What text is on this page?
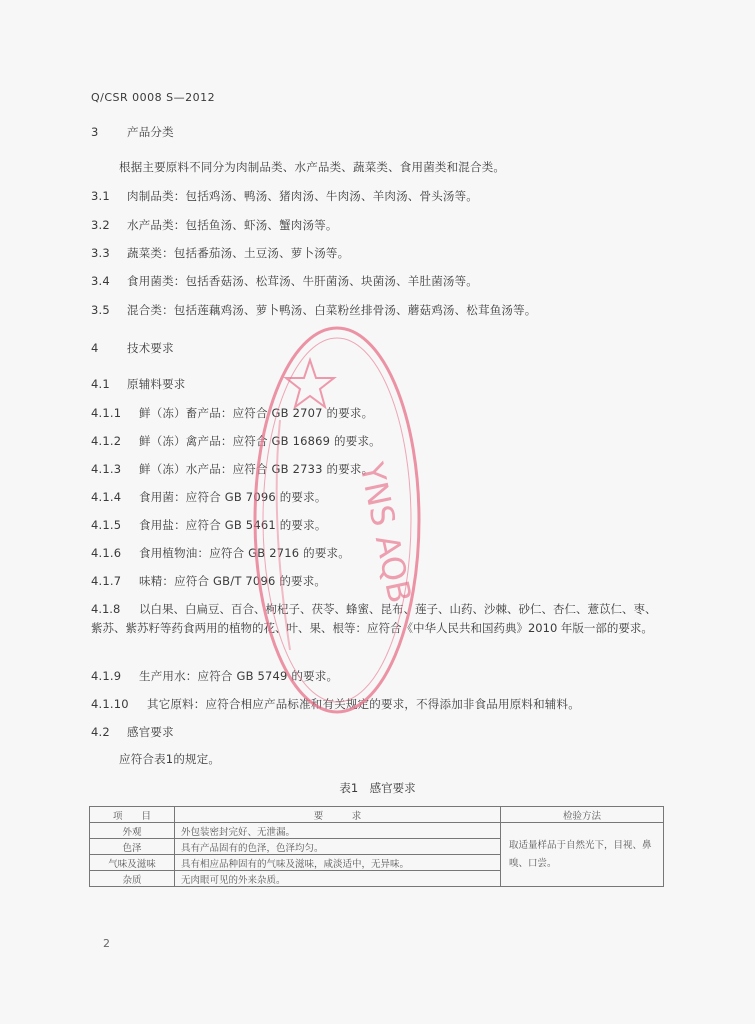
Q/CSR 0008 S—2012
3 产品分类
根据主要原料不同分为肉制品类、水产品类、蔬菜类、食用菌类和混合类。
3.1 肉制品类：包括鸡汤、鸭汤、猪肉汤、牛肉汤、羊肉汤、骨头汤等。
3.2 水产品类：包括鱼汤、虾汤、蟹肉汤等。
3.3 蔬菜类：包括番茄汤、土豆汤、萝卜汤等。
3.4 食用菌类：包括香菇汤、松茸汤、牛肝菌汤、块菌汤、羊肚菌汤等。
3.5 混合类：包括莲藕鸡汤、萝卜鸭汤、白菜粉丝排骨汤、蘑菇鸡汤、松茸鱼汤等。
4 技术要求
4.1 原辅料要求
4.1.1 鲜（冻）畜产品：应符合 GB 2707 的要求。
4.1.2 鲜（冻）禽产品：应符合 GB 16869 的要求。
4.1.3 鲜（冻）水产品：应符合 GB 2733 的要求。
4.1.4 食用菌：应符合 GB 7096 的要求。
4.1.5 食用盐：应符合 GB 5461 的要求。
4.1.6 食用植物油：应符合 GB 2716 的要求。
4.1.7 味精：应符合 GB/T 7096 的要求。
4.1.8 以白果、白扁豆、百合、枸杞子、茯苓、蜂蜜、昆布、莲子、山药、沙棘、砂仁、杏仁、薏苡仁、枣、紫苏、紫苏籽等药食两用的植物的花、叶、果、根等：应符合《中华人民共和国药典》2010 年版一部的要求。
4.1.9 生产用水：应符合 GB 5749 的要求。
4.1.10 其它原料：应符合相应产品标准和有关规定的要求，不得添加非食品用原料和辅料。
4.2 感官要求
应符合表1的规定。
表1　感官要求
项　　目	要　　　求	检验方法
外观	外包装密封完好、无泄漏。	取适量样品于自然光下，目视、鼻嗅、口尝。
色泽	具有产品固有的色泽，色泽均匀。	
气味及滋味	具有相应品种固有的气味及滋味，咸淡适中，无异味。	
杂质	无肉眼可见的外来杂质。	
YNS AQB
2
